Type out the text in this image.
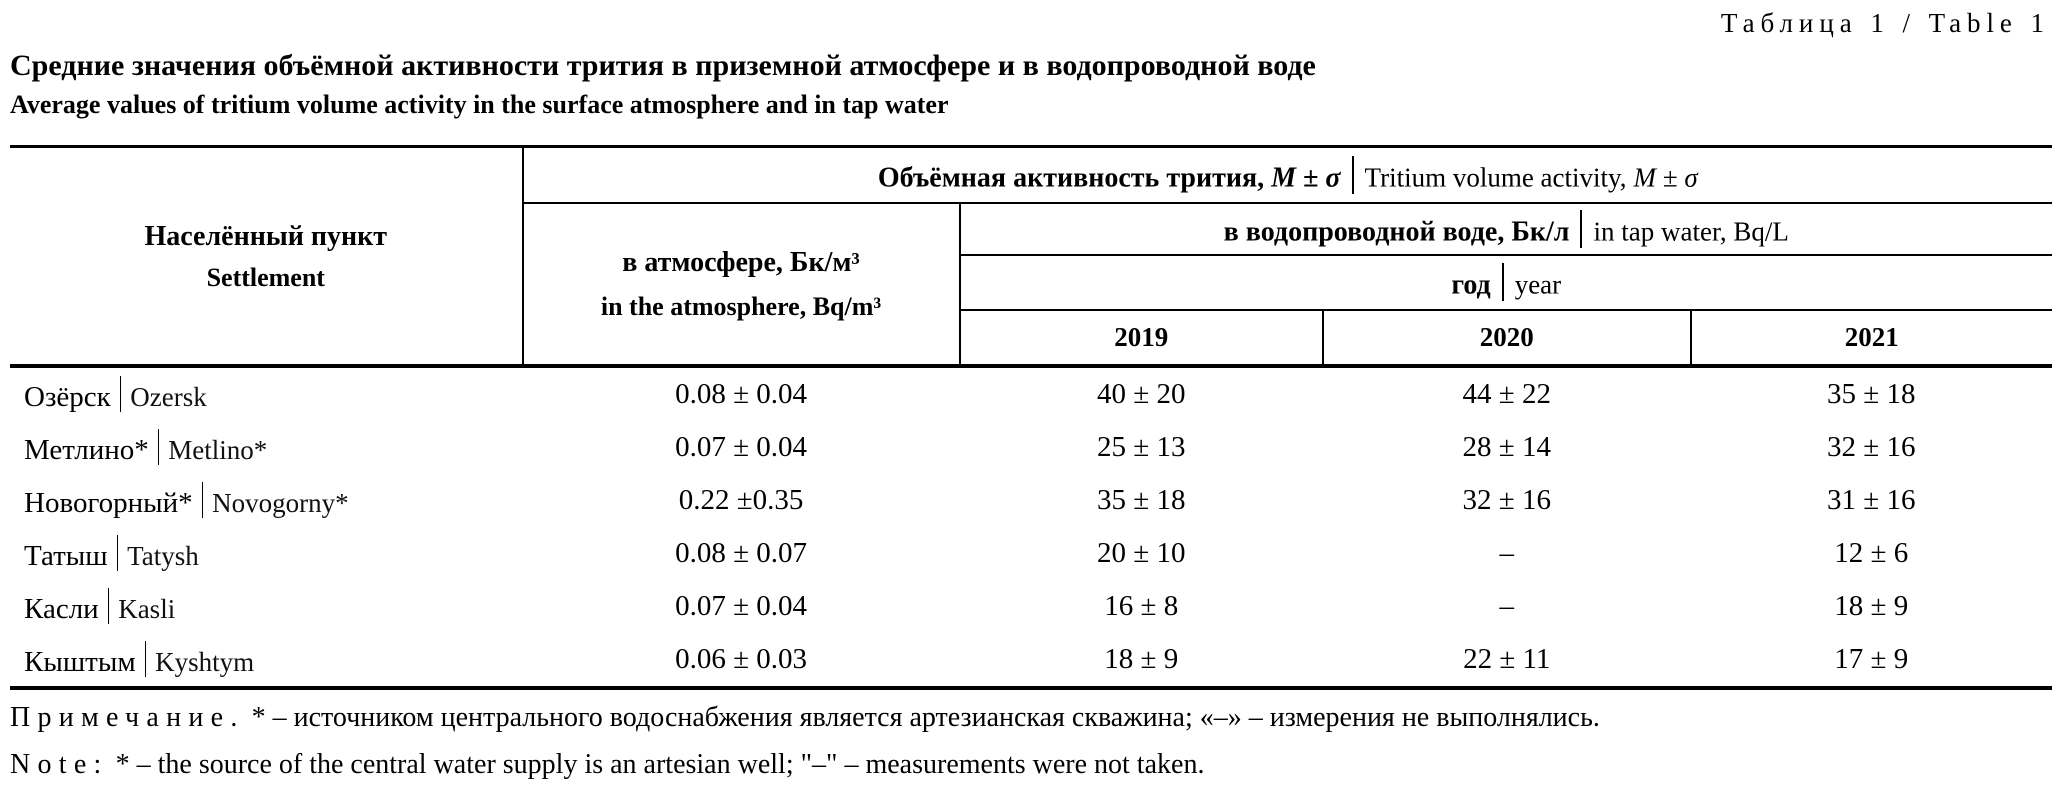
Таблица 1 / Table 1
Средние значения объёмной активности трития в приземной атмосфере и в водопроводной воде
Average values of tritium volume activity in the surface atmosphere and in tap water
Населённый пункт
Settlement	Объёмная активность трития, M ± σ Tritium volume activity, M ± σ			

	в атмосфере, Бк/м³
in the atmosphere, Bq/m³	в водопроводной воде, Бк/л in tap water, Bq/L		
		год year		
		2019	2020	2021
Озёрск Ozersk	0.08 ± 0.04	40 ± 20	44 ± 22	35 ± 18
Метлино* Metlino*	0.07 ± 0.04	25 ± 13	28 ± 14	32 ± 16
Новогорный* Novogorny*	0.22 ±0.35	35 ± 18	32 ± 16	31 ± 16
Татыш Tatysh	0.08 ± 0.07	20 ± 10	–	12 ± 6
Касли Kasli	0.07 ± 0.04	16 ± 8	–	18 ± 9
Кыштым Kyshtym	0.06 ± 0.03	18 ± 9	22 ± 11	17 ± 9
Примечание. * – источником центрального водоснабжения является артезианская скважина; «–» – измерения не выполнялись.
Note: * – the source of the central water supply is an artesian well; "–" – measurements were not taken.
